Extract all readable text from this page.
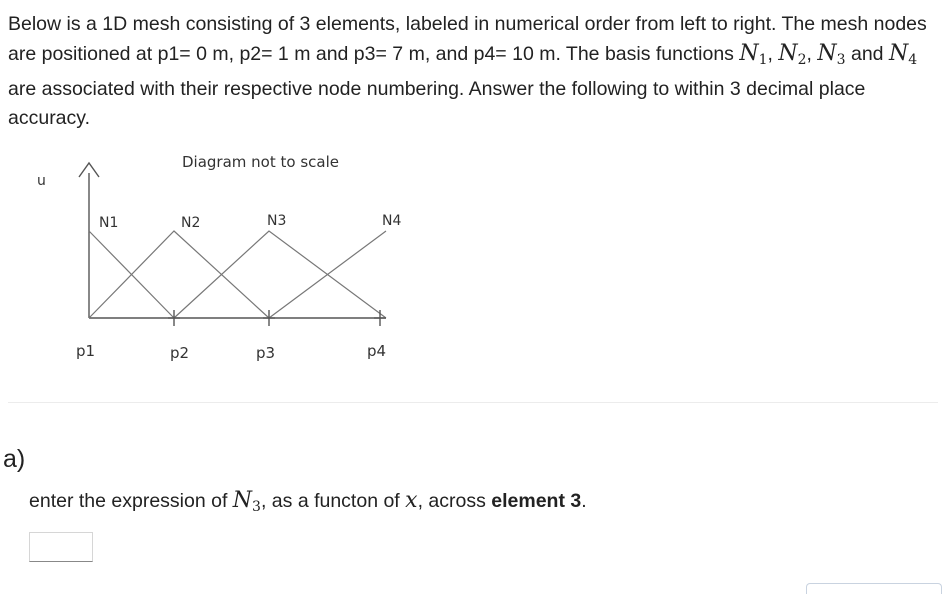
Below is a 1D mesh consisting of 3 elements, labeled in numerical order from left to right. The mesh nodes are positioned at p1= 0 m, p2= 1 m and p3= 7 m, and p4= 10 m. The basis functions $N_1$, $N_2$, $N_3$ and $N_4$ are associated with their respective node numbering. Answer the following to within 3 decimal place accuracy.
Diagram not to scale
u
N1	N2	N3	N4
p1	p2	p3	p4
a)
enter the expression of $N_3$, as a functon of x, across element 3.
